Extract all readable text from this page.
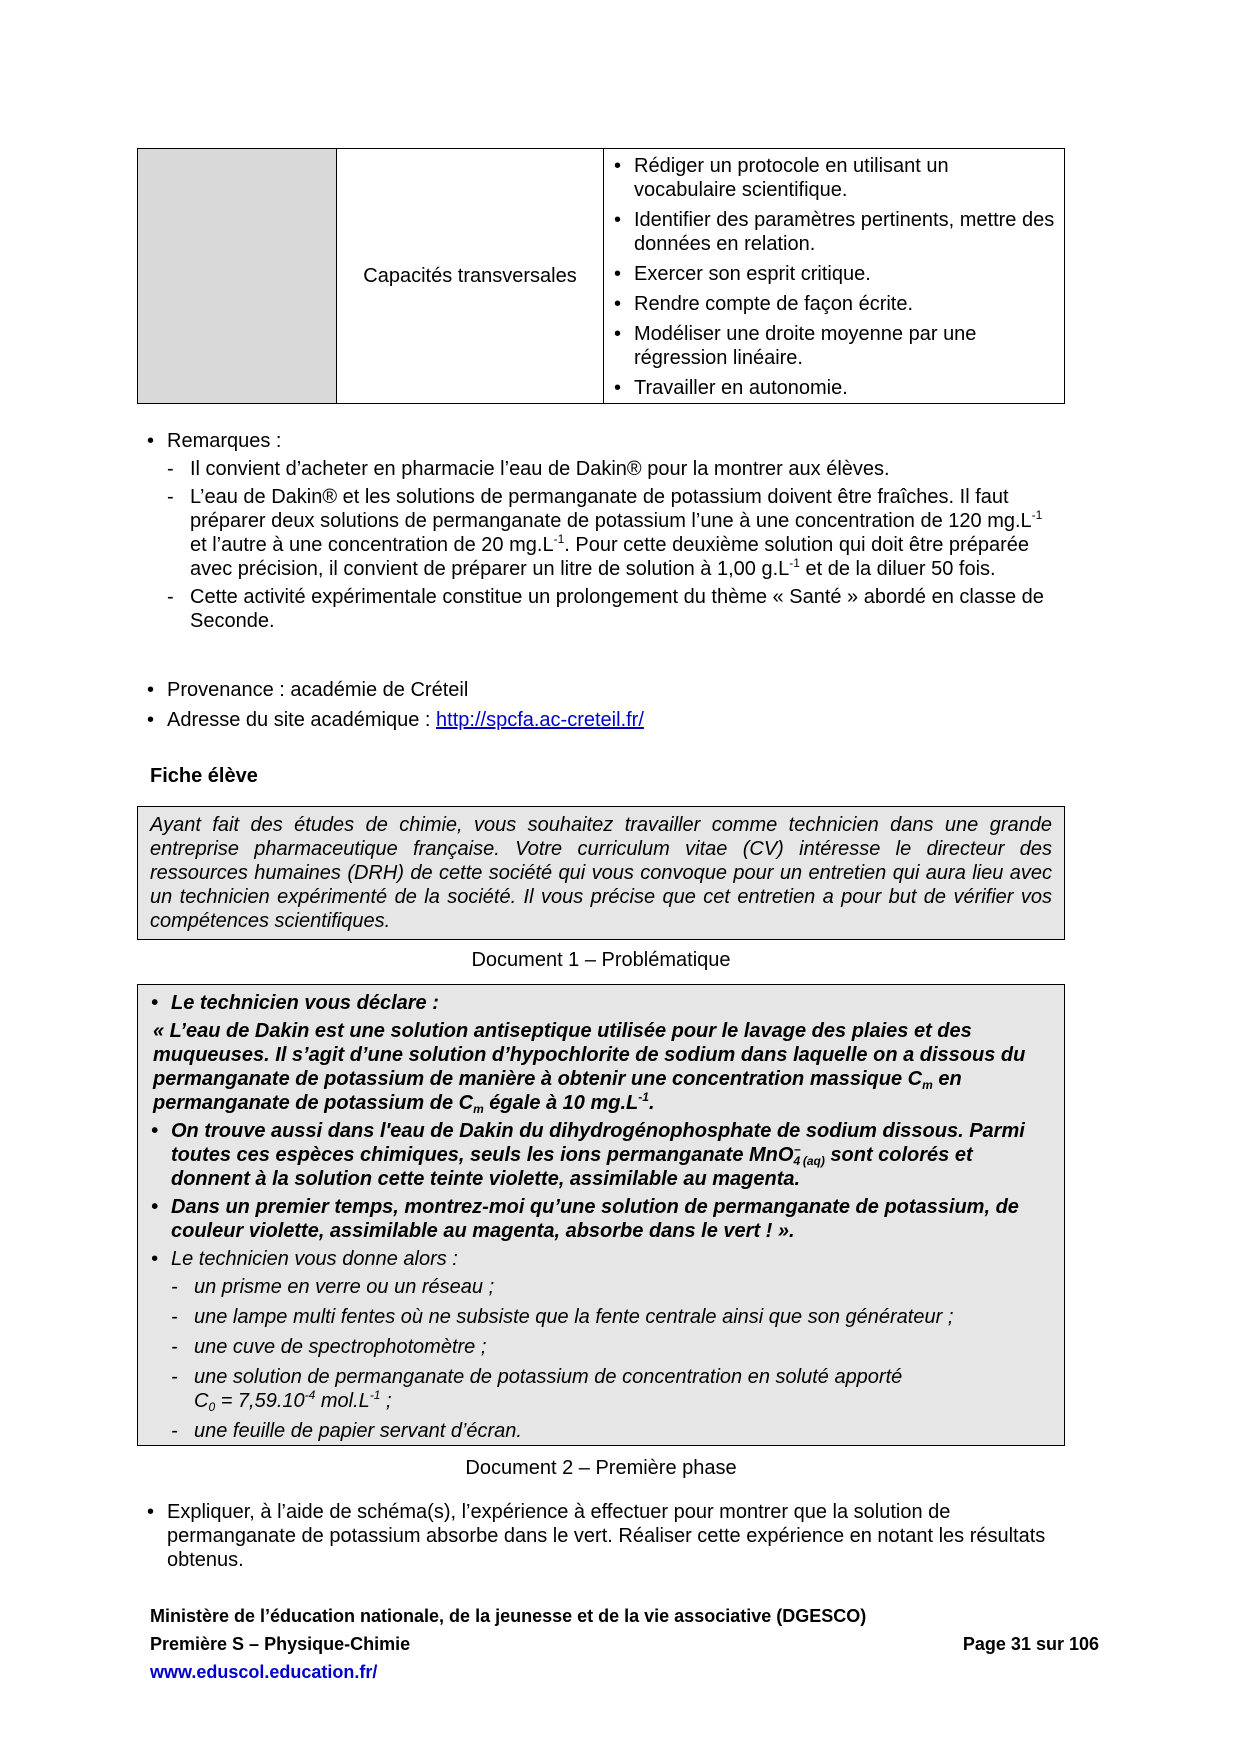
Capacités transversales
• Rédiger un protocole en utilisant un vocabulaire scientifique.
• Identifier des paramètres pertinents, mettre des données en relation.
• Exercer son esprit critique.
• Rendre compte de façon écrite.
• Modéliser une droite moyenne par une régression linéaire.
• Travailler en autonomie.
• Remarques :
- Il convient d’acheter en pharmacie l’eau de Dakin® pour la montrer aux élèves.
- L’eau de Dakin® et les solutions de permanganate de potassium doivent être fraîches. Il faut préparer deux solutions de permanganate de potassium l’une à une concentration de 120 $mg.L^{-1}$ et l’autre à une concentration de 20 $mg.L^{-1}$. Pour cette deuxième solution qui doit être préparée avec précision, il convient de préparer un litre de solution à 1,00 $g.L^{-1}$ et de la diluer 50 fois.
- Cette activité expérimentale constitue un prolongement du thème « Santé » abordé en classe de Seconde.
• Provenance : académie de Créteil
• Adresse du site académique : http://spcfa.ac-creteil.fr/
Fiche élève
Ayant fait des études de chimie, vous souhaitez travailler comme technicien dans une grande entreprise pharmaceutique française. Votre curriculum vitae (CV) intéresse le directeur des ressources humaines (DRH) de cette société qui vous convoque pour un entretien qui aura lieu avec un technicien expérimenté de la société. Il vous précise que cet entretien a pour but de vérifier vos compétences scientifiques.
Document 1 – Problématique
• Le technicien vous déclare :
« L’eau de Dakin est une solution antiseptique utilisée pour le lavage des plaies et des muqueuses. Il s’agit d’une solution d’hypochlorite de sodium dans laquelle on a dissous du permanganate de potassium de manière à obtenir une concentration massique $C_m$ en permanganate de potassium de $C_m$ égale à 10 $mg.L^{-1}$.
• On trouve aussi dans l'eau de Dakin du dihydrogénophosphate de sodium dissous. Parmi toutes ces espèces chimiques, seuls les ions permanganate MnO$_4$–$_{(aq)}$ sont colorés et donnent à la solution cette teinte violette, assimilable au magenta.
• Dans un premier temps, montrez-moi qu’une solution de permanganate de potassium, de couleur violette, assimilable au magenta, absorbe dans le vert ! ».
• Le technicien vous donne alors :
- un prisme en verre ou un réseau ;
- une lampe multi fentes où ne subsiste que la fente centrale ainsi que son générateur ;
- une cuve de spectrophotomètre ;
- une solution de permanganate de potassium de concentration en soluté apporté
$C_0 = 7,59.10^{-4}$ $mol.L^{-1}$ ;
- une feuille de papier servant d’écran.
Document 2 – Première phase
• Expliquer, à l’aide de schéma(s), l’expérience à effectuer pour montrer que la solution de permanganate de potassium absorbe dans le vert. Réaliser cette expérience en notant les résultats obtenus.
Ministère de l’éducation nationale, de la jeunesse et de la vie associative (DGESCO)
Première S – Physique-Chimie	Page 31 sur 106
www.eduscol.education.fr/
